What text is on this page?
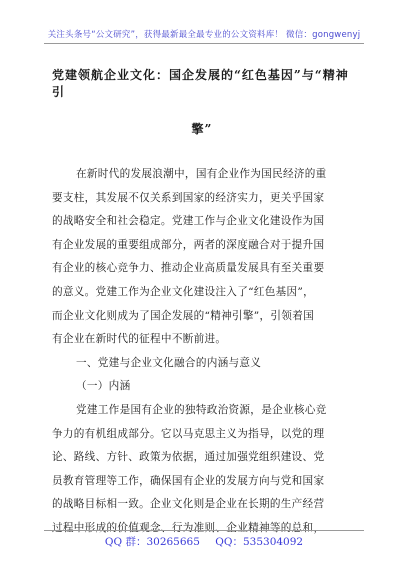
关注头条号“公文研究”，获得最新最全最专业的公文资料库！ 微信：gongwenyj
党建领航企业文化：国企发展的“红色基因”与“精神引
擎”
在新时代的发展浪潮中，国有企业作为国民经济的重
要支柱，其发展不仅关系到国家的经济实力，更关乎国家
的战略安全和社会稳定。党建工作与企业文化建设作为国
有企业发展的重要组成部分，两者的深度融合对于提升国
有企业的核心竞争力、推动企业高质量发展具有至关重要
的意义。党建工作为企业文化建设注入了“红色基因”，
而企业文化则成为了国企发展的“精神引擎”，引领着国
有企业在新时代的征程中不断前进。
一、党建与企业文化融合的内涵与意义
（一）内涵
党建工作是国有企业的独特政治资源，是企业核心竞
争力的有机组成部分。它以马克思主义为指导，以党的理
论、路线、方针、政策为依据，通过加强党组织建设、党
员教育管理等工作，确保国有企业的发展方向与党和国家
的战略目标相一致。企业文化则是企业在长期的生产经营
过程中形成的价值观念、行为准则、企业精神等的总和，
QQ 群：30265665 QQ：535304092
